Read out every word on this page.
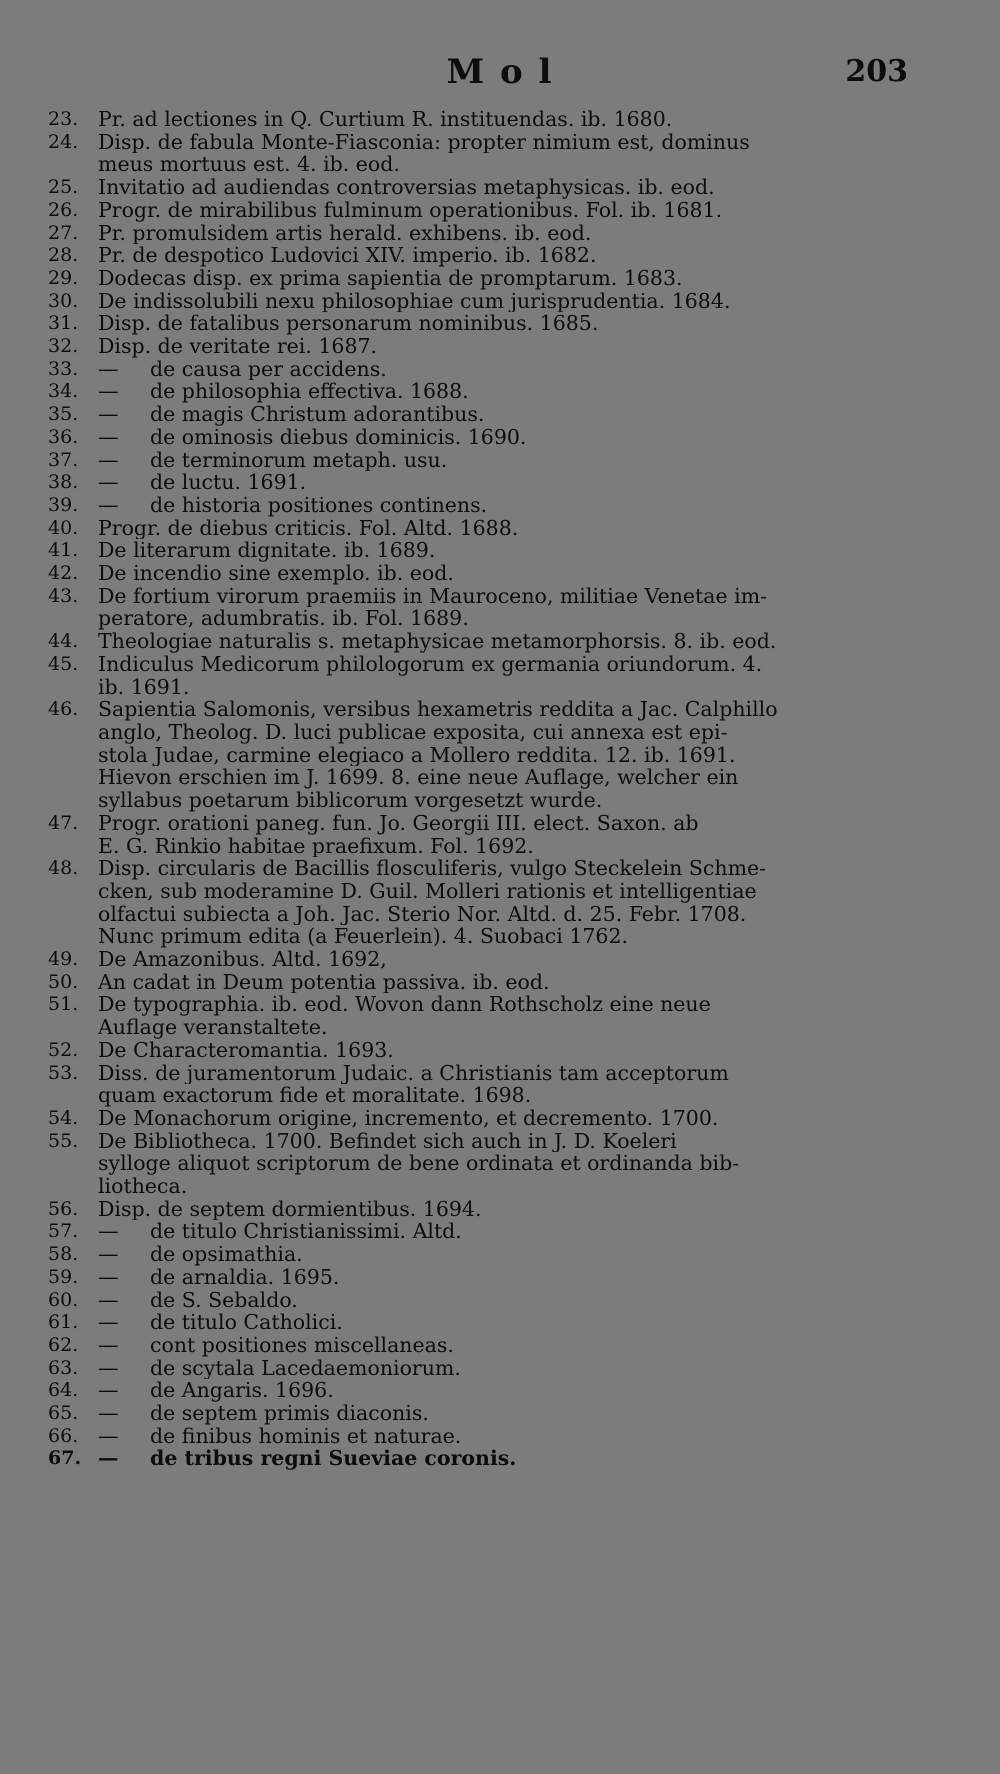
M o l	203
23. Pr. ad lectiones in Q. Curtium R. instituendas. ib. 1680.
24. Disp. de fabula Monte-Fiasconia: propter nimium est, dominus
meus mortuus est. 4. ib. eod.
25. Invitatio ad audiendas controversias metaphysicas. ib. eod.
26. Progr. de mirabilibus fulminum operationibus. Fol. ib. 1681.
27. Pr. promulsidem artis herald. exhibens. ib. eod.
28. Pr. de despotico Ludovici XIV. imperio. ib. 1682.
29. Dodecas disp. ex prima sapientia de promptarum. 1683.
30. De indissolubili nexu philosophiae cum jurisprudentia. 1684.
31. Disp. de fatalibus personarum nominibus. 1685.
32. Disp. de veritate rei. 1687.
33. — de causa per accidens.
34. — de philosophia effectiva. 1688.
35. — de magis Christum adorantibus.
36. — de ominosis diebus dominicis. 1690.
37. — de terminorum metaph. usu.
38. — de luctu. 1691.
39. — de historia positiones continens.
40. Progr. de diebus criticis. Fol. Altd. 1688.
41. De literarum dignitate. ib. 1689.
42. De incendio sine exemplo. ib. eod.
43. De fortium virorum praemiis in Mauroceno, militiae Venetae im-
peratore, adumbratis. ib. Fol. 1689.
44. Theologiae naturalis s. metaphysicae metamorphorsis. 8. ib. eod.
45. Indiculus Medicorum philologorum ex germania oriundorum. 4.
ib. 1691.
46. Sapientia Salomonis, versibus hexametris reddita a Jac. Calphillo
anglo, Theolog. D. luci publicae exposita, cui annexa est epi-
stola Judae, carmine elegiaco a Mollero reddita. 12. ib. 1691.
Hievon erschien im J. 1699. 8. eine neue Auflage, welcher ein
syllabus poetarum biblicorum vorgesetzt wurde.
47. Progr. orationi paneg. fun. Jo. Georgii III. elect. Saxon. ab
E. G. Rinkio habitae praefixum. Fol. 1692.
48. Disp. circularis de Bacillis flosculiferis, vulgo Steckelein Schme-
cken, sub moderamine D. Guil. Molleri rationis et intelligentiae
olfactui subiecta a Joh. Jac. Sterio Nor. Altd. d. 25. Febr. 1708.
Nunc primum edita (a Feuerlein). 4. Suobaci 1762.
49. De Amazonibus. Altd. 1692,
50. An cadat in Deum potentia passiva. ib. eod.
51. De typographia. ib. eod. Wovon dann Rothscholz eine neue
Auflage veranstaltete.
52. De Characteromantia. 1693.
53. Diss. de juramentorum Judaic. a Christianis tam acceptorum
quam exactorum fide et moralitate. 1698.
54. De Monachorum origine, incremento, et decremento. 1700.
55. De Bibliotheca. 1700. Befindet sich auch in J. D. Koeleri
sylloge aliquot scriptorum de bene ordinata et ordinanda bib-
liotheca.
56. Disp. de septem dormientibus. 1694.
57. — de titulo Christianissimi. Altd.
58. — de opsimathia.
59. — de arnaldia. 1695.
60. — de S. Sebaldo.
61. — de titulo Catholici.
62. — cont positiones miscellaneas.
63. — de scytala Lacedaemoniorum.
64. — de Angaris. 1696.
65. — de septem primis diaconis.
66. — de finibus hominis et naturae.
67. — de tribus regni Sueviae coronis.
